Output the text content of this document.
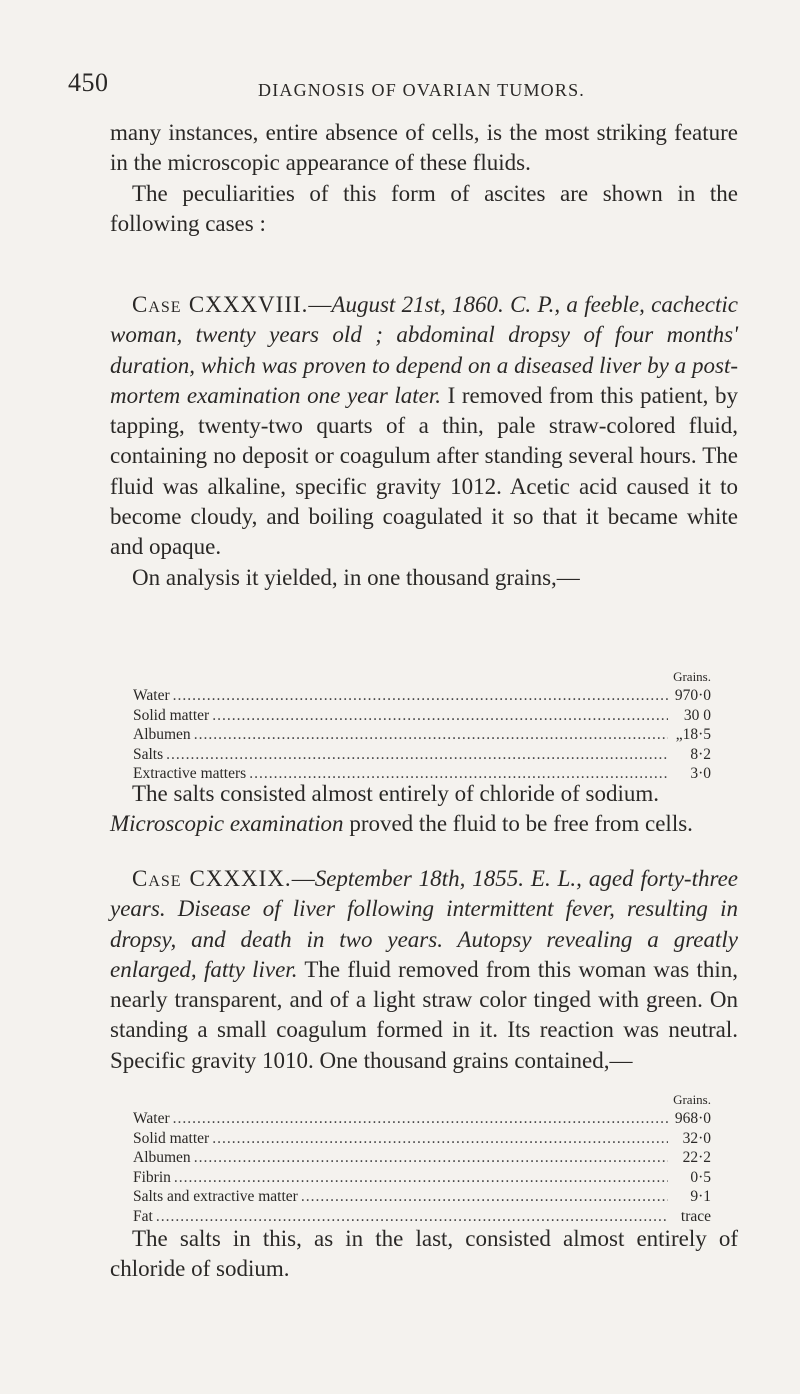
450	DIAGNOSIS OF OVARIAN TUMORS.

many instances, entire absence of cells, is the most striking feature in the microscopic appearance of these fluids.

The peculiarities of this form of ascites are shown in the following cases :

Case CXXXVIII.—August 21st, 1860. C. P., a feeble, cachectic woman, twenty years old ; abdominal dropsy of four months' duration, which was proven to depend on a diseased liver by a post-mortem examination one year later. I removed from this patient, by tapping, twenty-two quarts of a thin, pale straw-colored fluid, containing no deposit or coagulum after standing several hours. The fluid was alkaline, specific gravity 1012. Acetic acid caused it to become cloudy, and boiling coagulated it so that it became white and opaque.

On analysis it yielded, in one thousand grains,—

Grains.
Water .....	970·0
Solid matter .....	30 0
Albumen .....	„18·5
Salts .....	8·2
Extractive matters .....	3·0

The salts consisted almost entirely of chloride of sodium.

Microscopic examination proved the fluid to be free from cells.

Case CXXXIX.—September 18th, 1855. E. L., aged forty-three years. Disease of liver following intermittent fever, resulting in dropsy, and death in two years. Autopsy revealing a greatly enlarged, fatty liver. The fluid removed from this woman was thin, nearly transparent, and of a light straw color tinged with green. On standing a small coagulum formed in it. Its reaction was neutral. Specific gravity 1010. One thousand grains contained,—

Grains.
Water .....	968·0
Solid matter .....	32·0
Albumen .....	22·2
Fibrin .....	0·5
Salts and extractive matter .....	9·1
Fat .....	trace

The salts in this, as in the last, consisted almost entirely of chloride of sodium.
